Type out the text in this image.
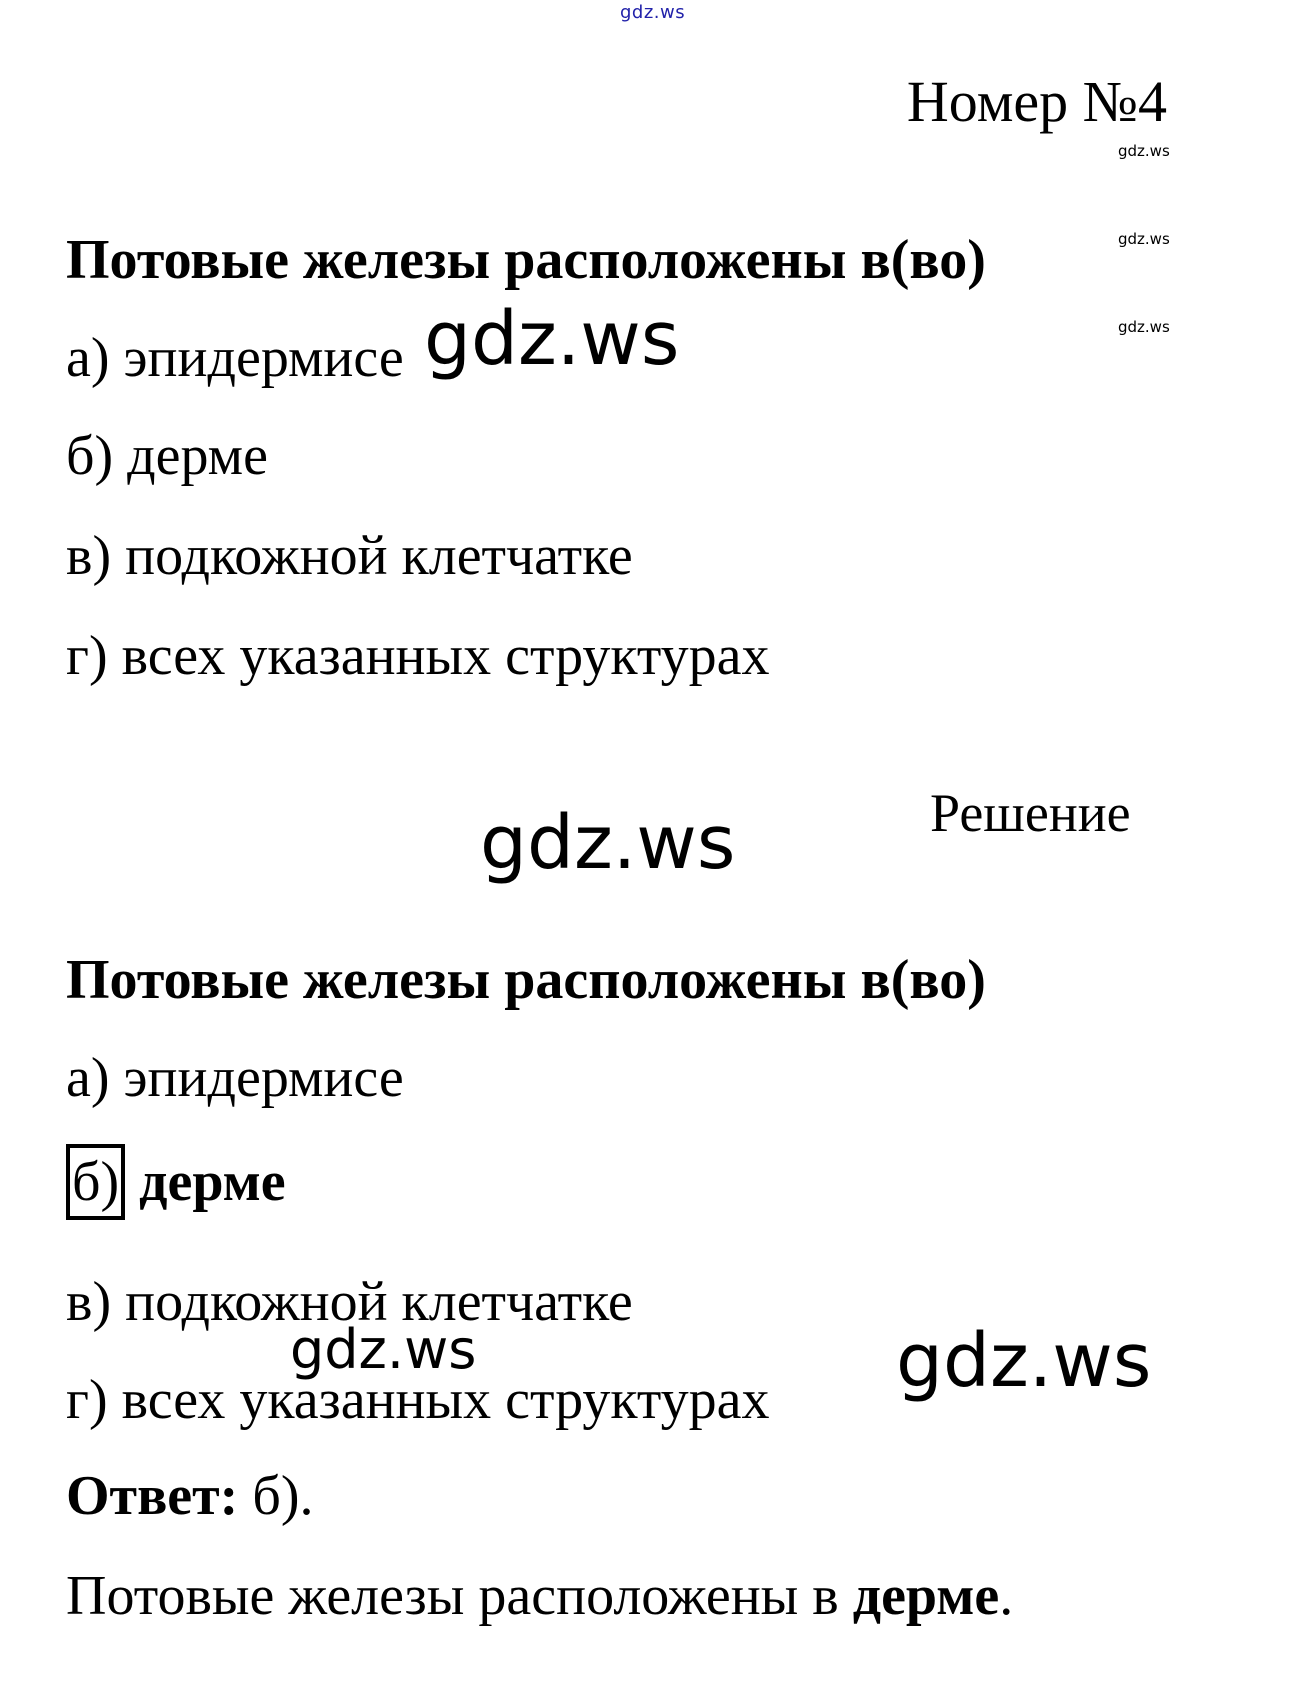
gdz.ws
Номер №4
gdz.ws
gdz.ws
gdz.ws
Потовые железы расположены в(во)
а) эпидермисе gdz.ws
б) дерме
в) подкожной клетчатке
г) всех указанных структурах
Решение
gdz.ws
Потовые железы расположены в(во)
а) эпидермисе
б) дерме
в) подкожной клетчатке
gdz.ws	gdz.ws
г) всех указанных структурах
Ответ: б).
Потовые железы расположены в дерме.
